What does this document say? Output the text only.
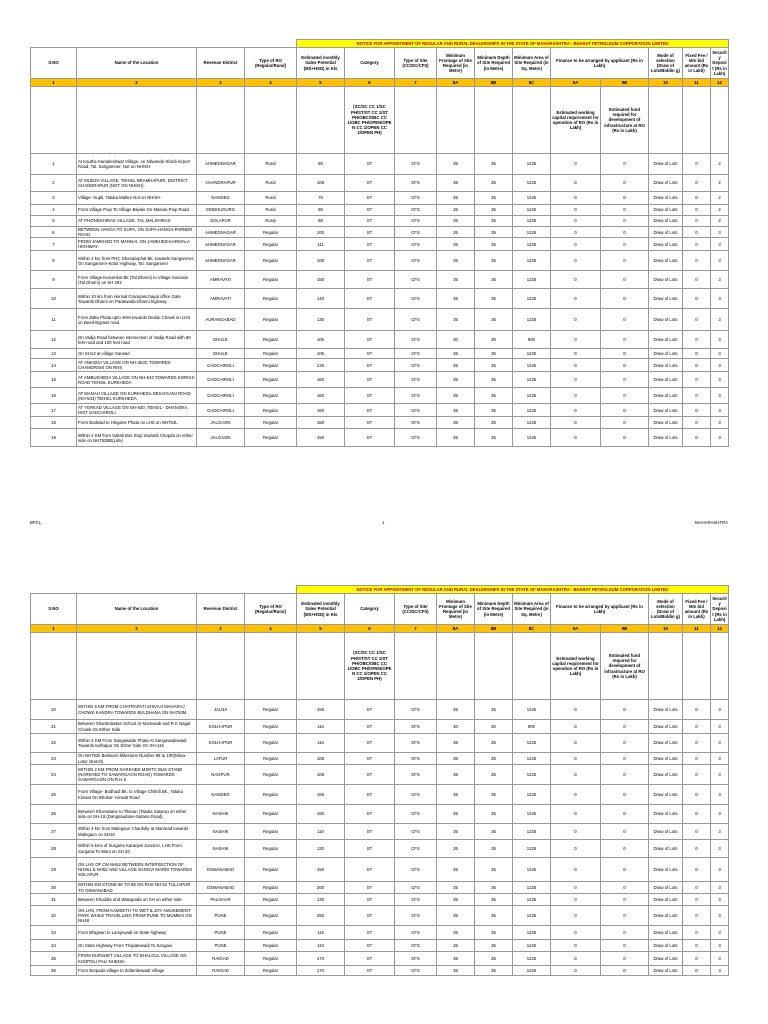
				NOTICE FOR APPOINTMENT OF REGULAR AND RURAL DEALERSHIPS IN THE STATE OF MAHARASHTRA - BHARAT PETROLEUM CORPORATION LIMITED										
S.NO	Name of the Location	Revenue District	Type of RO (Regular/Rural)	Estimated monthly Sales Potential (MS+HSD) in Kls	Category	Type of Site (CC/DC/CFS)	Minimum Frontage of Site Required (in Metre)	Minimum Depth of Site Required (in Metre)	Minimum Area of Site Required (in Sq. Metre)	Finance to be arranged by applicant (Rs in Lakh)		Mode of selection (Draw of Lots/Biddin g)	Fixed Fee / Min bid amount (Rs in Lakh)	Security Deposit (Rs in Lakh)
1	2	3	4	5	6	7	8A	8B	8C	9A	9B	10	11	12
					(SC/SC CC 1/SC PH/ST/ST CC 1/ST PH/OBC/OBC CC 1/OBC PH/OPEN/OPE N CC 1/OPEN CC 2/OPEN PH)					Estimated working capital requirement for operation of RO (Rs in Lakh)	Estimated fund required for development of infrastructure at RO (Rs in Lakh)			
1	At Kauthe Kamaleshwar Village, on Nilwande-Shirdi Airport Road, Tal. Sangamner, Not on NH/SH	AHMEDNAGAR	Rural	80	ST	CFS	35	35	1225	0	0	Draw of Lots	0	2
2	AT MUDZA VILLAGE, TEHSIL BRAMHAPURI, DISTRICT CHANDRAPUR (NOT ON NH/SH).	CHANDRAPUR	Rural	105	ST	CFS	35	35	1225	0	0	Draw of Lots	0	2
3	Village- Kupti, Taluka Malkur Not on NH/SH	NANDED	Rural	75	ST	CFS	35	35	1225	0	0	Draw of Lots	0	2
4	From Village Poip To Village Biwale On Malvan-Poip Road	SINDHUDURG	Rural	80	ST	CFS	35	35	1225	0	0	Draw of Lots	0	2
5	AT PHONDSHIRAS VILLAGE, TAL MALSHIRAS	SOLAPUR	Rural	85	ST	CFS	35	35	1225	0	0	Draw of Lots	0	2
6	BETWEEN HANGA TO SUPA, ON SUPA-HANGA-PARNER ROAD	AHMEDNAGAR	Regular	100	ST	CFS	35	35	1225	0	0	Draw of Lots	0	3
7	FROM JAMKHED TO MANNAI, ON JAMKHED-KARMALA HIGHWAY	AHMEDNAGAR	Regular	111	ST	CFS	35	35	1225	0	0	Draw of Lots	0	3
8	Within 2 km from PHC Dhandarphal Bk. towards Sangamner, On Sangamner-Kotul Highway, Tal. Sangamner	AHMEDNAGAR	Regular	100	ST	CFS	35	35	1225	0	0	Draw of Lots	0	3
9	From Village Kusumkot Bk (Tal Dharni) to Village Susarda (Tal Dharni) on SH 292	AMRAVATI	Regular	150	ST	CFS	35	35	1225	0	0	Draw of Lots	0	3
10	Within 10 km from Horisal Grampanchayat office Gate Towards Dharni on Paratwada-Dharni highway	AMRAVATI	Regular	140	ST	CFS	35	35	1225	0	0	Draw of Lots	0	3
11	From Zalta Phata upto 4KM towards Deolai Chowk on LHS on Beed Bypass road	AURANGABAD	Regular	130	ST	CFS	35	35	1225	0	0	Draw of Lots	0	3
12	On Vadja Road between intersection of Vadja Road with 80 feet road and 100 feet road	DHULE	Regular	106	ST	CFS	30	30	900	0	0	Draw of Lots	0	3
13	On SH13 at village Sarwad	DHULE	Regular	105	ST	CFS	35	35	1225	0	0	Draw of Lots	0	3
14	AT ANKODA VILLAGE ON NH-353C TOWARDS CHAMORSHI ON RHS	GADCHIROLI	Regular	230	ST	CFS	35	35	1225	0	0	Draw of Lots	0	3
15	AT AMBUKHEDA VILLAGE ON NH-543 TOWARDS KORCHI ROAD TEHSIL KURKHEDA	GADCHIROLI	Regular	160	ST	CFS	35	35	1225	0	0	Draw of Lots	0	3
16	AT MANAH VILLAGE ON KURKHEDA DESAIGANJ ROAD (NH-543) TEHSIL KURKHEDA	GADCHIROLI	Regular	160	ST	CFS	35	35	1225	0	0	Draw of Lots	0	3
17	AT YERKAD VILLAGE ON NH-930, TEHSIL - DHANORA, DIST GADCHIROLI	GADCHIROLI	Regular	160	ST	CFS	35	35	1225	0	0	Draw of Lots	0	3
18	From Bodwad to Hingane Phata on LHS on NH753L	JALGAON	Regular	150	ST	CFS	35	35	1225	0	0	Draw of Lots	0	3
19	Within 2 KM from Sakali Bus Stop towards Chopda on either side on NH753BB(Link)	JALGAON	Regular	150	ST	CFS	35	35	1225	0	0	Draw of Lots	0	3
BPCL	1	MAHARASHTRA
				NOTICE FOR APPOINTMENT OF REGULAR AND RURAL DEALERSHIPS IN THE STATE OF MAHARASHTRA - BHARAT PETROLEUM CORPORATION LIMITED										
S.NO	Name of the Location	Revenue District	Type of RO (Regular/Rural)	Estimated monthly Sales Potential (MS+HSD) in Kls	Category	Type of Site (CC/DC/CFS)	Minimum Frontage of Site Required (in Metre)	Minimum Depth of Site Required (in Metre)	Minimum Area of Site Required (in Sq. Metre)	Finance to be arranged by applicant (Rs in Lakh)		Mode of selection (Draw of Lots/Biddin g)	Fixed Fee / Min bid amount (Rs in Lakh)	Security Deposit (Rs in Lakh)
1	2	3	4	5	6	7	8A	8B	8C	9A	9B	10	11	12
					(SC/SC CC 1/SC PH/ST/ST CC 1/ST PH/OBC/OBC CC 1/OBC PH/OPEN/OPE N CC 1/OPEN CC 2/OPEN PH)					Estimated working capital requirement for operation of RO (Rs in Lakh)	Estimated fund required for development of infrastructure at RO (Rs in Lakh)			
20	WITHIN 5 KM FROM CHATRAPATI SHIVAJI MAHARAJ CHOWK KANDRA TOWARDS BULDHANA ON NH753M	JALNA	Regular	155	ST	CFS	35	35	1225	0	0	Draw of Lots	0	3
21	Between Shantiniketan School At Morewadi and R K Nagar Chowk On Either Side	KOLHAPUR	Regular	110	ST	CFS	30	30	900	0	0	Draw of Lots	0	3
22	Within 2 KM From Sangawade Phata At Sangawadewadi Towards Kolhapur On Either Side On SH-115	KOLHAPUR	Regular	110	ST	CFS	35	35	1225	0	0	Draw of Lots	0	3
23	On NH752k Between Milestone Number 98 to 100(Nilua-Latur stretch)	LATUR	Regular	105	ST	CFS	35	35	1225	0	0	Draw of Lots	0	3
24	WITHIN 2 KM FROM NARKHED MSRTC BUS STAND (NARKHED TO SAWARGAON ROAD) TOWARDS SAWARGAON ON R.H.S	NAGPUR	Regular	105	ST	CFS	35	35	1225	0	0	Draw of Lots	0	3
25	From Village- Bodhadi Bk. to Village Chikhli Bk., Taluka Kinwat On Bhokar- Kinwat Road	NANDED	Regular	155	ST	CFS	35	35	1225	0	0	Draw of Lots	0	3
26	Between Khomatane to Tilavan (Taluka Satana) on either side on SH-19 (Dangsaudane-Satana Road)	NASHIK	Regular	180	ST	CFS	35	35	1225	0	0	Draw of Lots	0	3
27	Within 4 km from Malegaon Chaufully at Manmad towards Malegaon on SH10	NASHIK	Regular	110	ST	CFS	35	35	1225	0	0	Draw of Lots	0	3
28	Within 5 kms of Surgana Karanjali Junction, LHS From Surgana To Wani on SH 20	NASHIK	Regular	120	ST	CFS	35	35	1225	0	0	Draw of Lots	0	3
29	ON LHS OF ON NH52 BETWEEN INTERSECTION OF NH361 & NH52 AND VILLAGE SANGVI MARDI TOWARDS SOLAPUR	OSMANABAD	Regular	150	ST	CFS	35	35	1225	0	0	Draw of Lots	0	3
30	WITHIN KM STONE 86 TO 88 ON RHS NH 52 TULJAPUR TO OSMANABAD	OSMANABAD	Regular	200	ST	CFS	35	35	1225	0	0	Draw of Lots	0	3
31	Between Khodala and Wakapada on SH on either side	PALGHAR	Regular	130	ST	CFS	35	35	1225	0	0	Draw of Lots	0	3
32	ON LHS, FROM KAMSETH TO WET & JOY AMUSEMENT PARK WHILE TRAVELLING FROM PUNE TO MUMBAI ON NH48	PUNE	Regular	250	ST	CFS	35	35	1225	0	0	Draw of Lots	0	3
33	From Bhigwan to Lamjewadi on State highway	PUNE	Regular	115	ST	CFS	35	35	1225	0	0	Draw of Lots	0	3
34	On State Highway From Thopatewadi To Sangavi	PUNE	Regular	110	ST	CFS	35	35	1225	0	0	Draw of Lots	0	3
35	FROM DURSHET VILLAGE TO BHALGUL VILLAGE ON KHOPOLI PALI NH548A	RAIGAD	Regular	170	ST	CFS	35	35	1225	0	0	Draw of Lots	0	3
36	From Borpada village to Zolambewadi Village	RAIGAD	Regular	170	ST	CFS	35	35	1225	0	0	Draw of Lots	0	3
